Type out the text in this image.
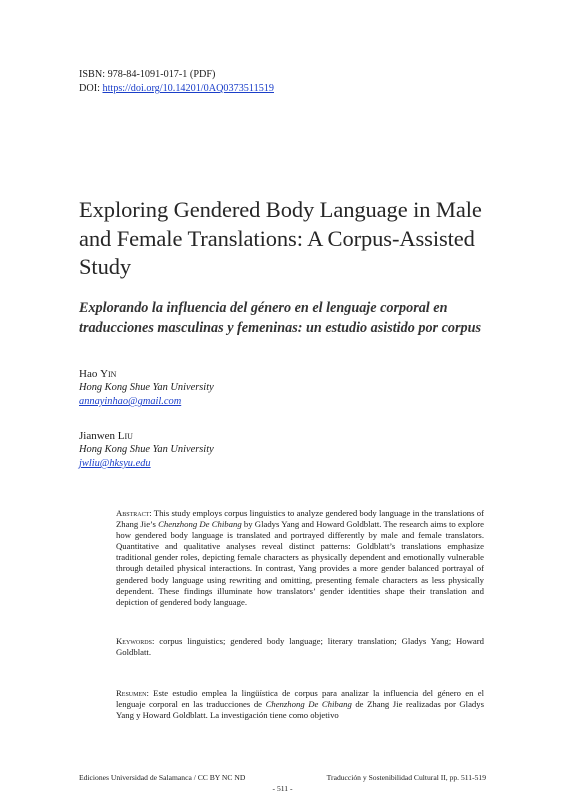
ISBN: 978-84-1091-017-1 (PDF)
DOI: https://doi.org/10.14201/0AQ0373511519
Exploring Gendered Body Language in Male and Female Translations: A Corpus-Assisted Study
Explorando la influencia del género en el lenguaje corporal en traducciones masculinas y femeninas: un estudio asistido por corpus
Hao Yin
Hong Kong Shue Yan University
annayinhao@gmail.com
Jianwen Liu
Hong Kong Shue Yan University
jwliu@hksyu.edu

Abstract: This study employs corpus linguistics to analyze gendered body language in the translations of Zhang Jie’s Chenzhong De Chibang by Gladys Yang and Howard Goldblatt. The research aims to explore how gendered body language is translated and portrayed differently by male and female translators. Quantitative and qualitative analyses reveal distinct patterns: Goldblatt’s translations emphasize traditional gender roles, depicting female characters as physically dependent and emotionally vulnerable through detailed physical interactions. In contrast, Yang provides a more gender balanced portrayal of gendered body language using rewriting and omitting, presenting female characters as less physically dependent. These findings illuminate how translators’ gender identities shape their translation and depiction of gendered body language.

Keywords: corpus linguistics; gendered body language; literary translation; Gladys Yang; Howard Goldblatt.

Resumen: Este estudio emplea la lingüística de corpus para analizar la influencia del género en el lenguaje corporal en las traducciones de Chenzhong De Chibang de Zhang Jie realizadas por Gladys Yang y Howard Goldblatt. La investigación tiene como objetivo

Ediciones Universidad de Salamanca / CC BY NC ND	Traducción y Sostenibilidad Cultural II, pp. 511-519
- 511 -
